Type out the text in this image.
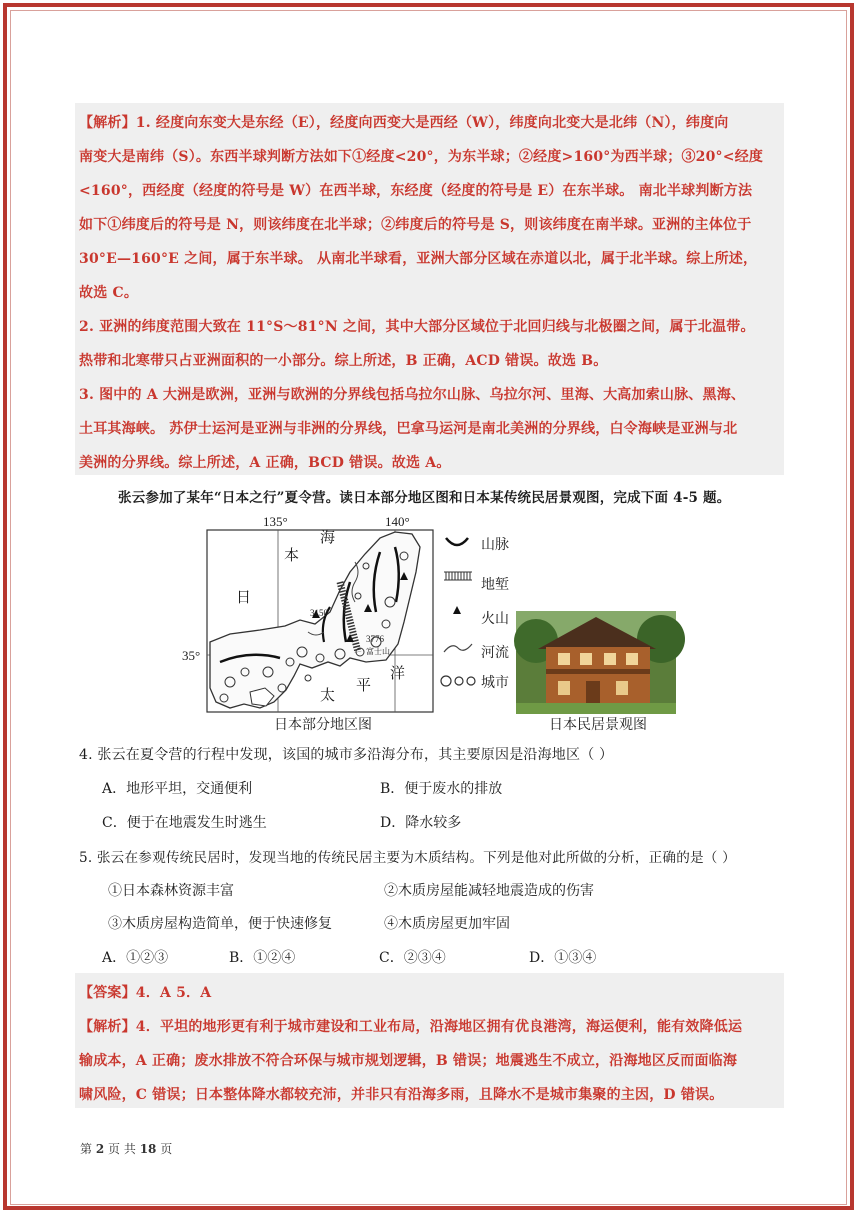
【解析】1. 经度向东变大是东经（E），经度向西变大是西经（W），纬度向北变大是北纬（N），纬度向
南变大是南纬（S）。东西半球判断方法如下①经度<20°，为东半球；②经度>160°为西半球；③20°<经度
<160°，西经度（经度的符号是 W）在西半球，东经度（经度的符号是 E）在东半球。 南北半球判断方法
如下①纬度后的符号是 N，则该纬度在北半球；②纬度后的符号是 S，则该纬度在南半球。亚洲的主体位于
30°E—160°E 之间，属于东半球。 从南北半球看，亚洲大部分区域在赤道以北，属于北半球。综上所述，
故选 C。
2. 亚洲的纬度范围大致在 11°S～81°N 之间，其中大部分区域位于北回归线与北极圈之间，属于北温带。
热带和北寒带只占亚洲面积的一小部分。综上所述，B 正确，ACD 错误。故选 B。
3. 图中的 A 大洲是欧洲，亚洲与欧洲的分界线包括乌拉尔山脉、乌拉尔河、里海、大高加索山脉、黑海、
土耳其海峡。 苏伊士运河是亚洲与非洲的分界线，巴拿马运河是南北美洲的分界线，白令海峡是亚洲与北
美洲的分界线。综上所述，A 正确，BCD 错误。故选 A。
张云参加了某年“日本之行”夏令营。读日本部分地区图和日本某传统民居景观图，完成下面 4-5 题。
135°	140°
35°
日
本
海
太
平
洋
3150
3776
富士山
日本部分地区图
山脉
地堑
火山
河流
城市
日本民居景观图
4. 张云在夏令营的行程中发现，该国的城市多沿海分布，其主要原因是沿海地区（ ）
A．地形平坦，交通便利	B．便于废水的排放
C．便于在地震发生时逃生	D．降水较多
5. 张云在参观传统民居时，发现当地的传统民居主要为木质结构。下列是他对此所做的分析，正确的是（ ）
①日本森林资源丰富	②木质房屋能减轻地震造成的伤害
③木质房屋构造简单，便于快速修复	④木质房屋更加牢固
A．①②③	B．①②④	C．②③④	D．①③④
【答案】4．A 5．A
【解析】4．平坦的地形更有利于城市建设和工业布局，沿海地区拥有优良港湾，海运便利，能有效降低运
输成本，A 正确；废水排放不符合环保与城市规划逻辑，B 错误；地震逃生不成立，沿海地区反而面临海
啸风险，C 错误；日本整体降水都较充沛，并非只有沿海多雨，且降水不是城市集聚的主因，D 错误。
第 2 页 共 18 页
